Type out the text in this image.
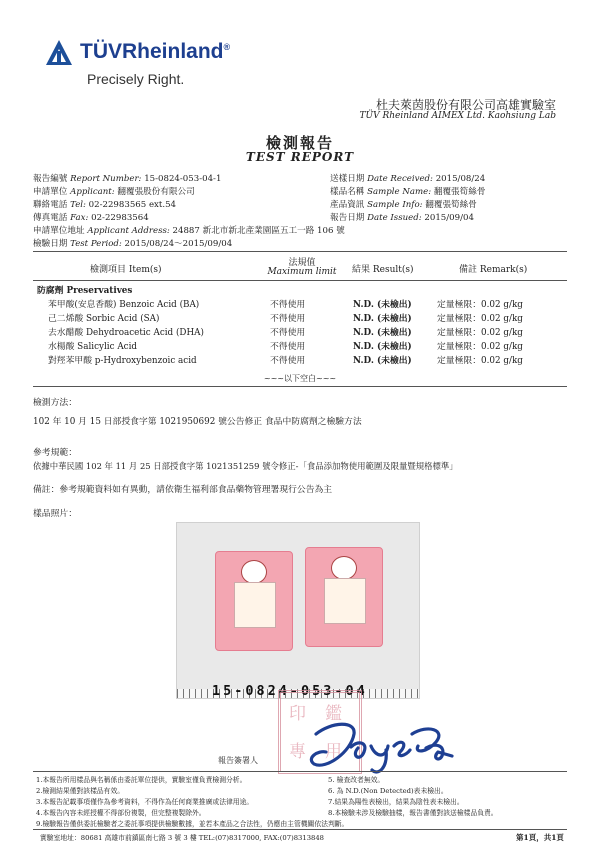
TÜVRheinland®
Precisely Right.
杜夫萊茵股份有限公司高雄實驗室
TÜV Rheinland AIMEX Ltd. Kaohsiung Lab
檢測報告
TEST REPORT
報告編號 Report Number: 15-0824-053-04-1
申請單位 Applicant: 翻覆張股份有限公司
聯絡電話 Tel: 02-22983565 ext.54
傳真電話 Fax: 02-22983564
送樣日期 Date Received: 2015/08/24
樣品名稱 Sample Name: 翻覆張筍絲骨
產品資訊 Sample Info: 翻覆張筍絲骨
報告日期 Date Issued: 2015/09/04
申請單位地址 Applicant Address: 24887 新北市新北產業園區五工一路 106 號
檢驗日期 Test Period: 2015/08/24～2015/09/04
檢測項目 Item(s)
法規值
Maximum limit	結果 Result(s)	備註 Remark(s)
防腐劑 Preservatives
苯甲酸(安息香酸) Benzoic Acid (BA)	不得使用	N.D. (未檢出)	定量極限：0.02 g/kg
己二烯酸 Sorbic Acid (SA)	不得使用	N.D. (未檢出)	定量極限：0.02 g/kg
去水醋酸 Dehydroacetic Acid (DHA)	不得使用	N.D. (未檢出)	定量極限：0.02 g/kg
水楊酸 Salicylic Acid	不得使用	N.D. (未檢出)	定量極限：0.02 g/kg
對羥苯甲酸 p-Hydroxybenzoic acid	不得使用	N.D. (未檢出)	定量極限：0.02 g/kg
~~~以下空白~~~
檢測方法：
102 年 10 月 15 日部授食字第 1021950692 號公告修正 食品中防腐劑之檢驗方法
參考規範：
依據中華民國 102 年 11 月 25 日部授食字第 1021351259 號令修正-「食品添加物使用範圍及限量暨規格標準」
備註：參考規範資料如有異動，請依衛生福利部食品藥物管理署現行公告為主
樣品照片：
15-0824-053-04
印 鑑
專 用
報告簽署人
1.本報告所用樣品與名稱係由委託單位提供，實驗室僅負責檢測分析。
2.檢測結果僅對該樣品有效。
3.本報告記載事項僅作為參考資料，不得作為任何商業推廣或法律用途。
4.本報告內容未經授權不得部份複製，但完整複製除外。
5. 檢查改者無效。
6. 為 N.D.(Non Detected)表未檢出。
7.結果為陽性表檢出，結果為陰性表未檢出。
8.本檢驗未涉及檢驗抽樣，報告書僅對該送檢樣品負責。
9.檢驗報告僅供委託檢驗者之委託事項提供檢驗數據，並若本產品之合法性，仍應由主管機關依法判斷。
實驗室地址：80681 高雄市前鎮區南七路 3 號 3 樓 TEL:(07)8317000, FAX:(07)8313848	第1頁，共1頁
